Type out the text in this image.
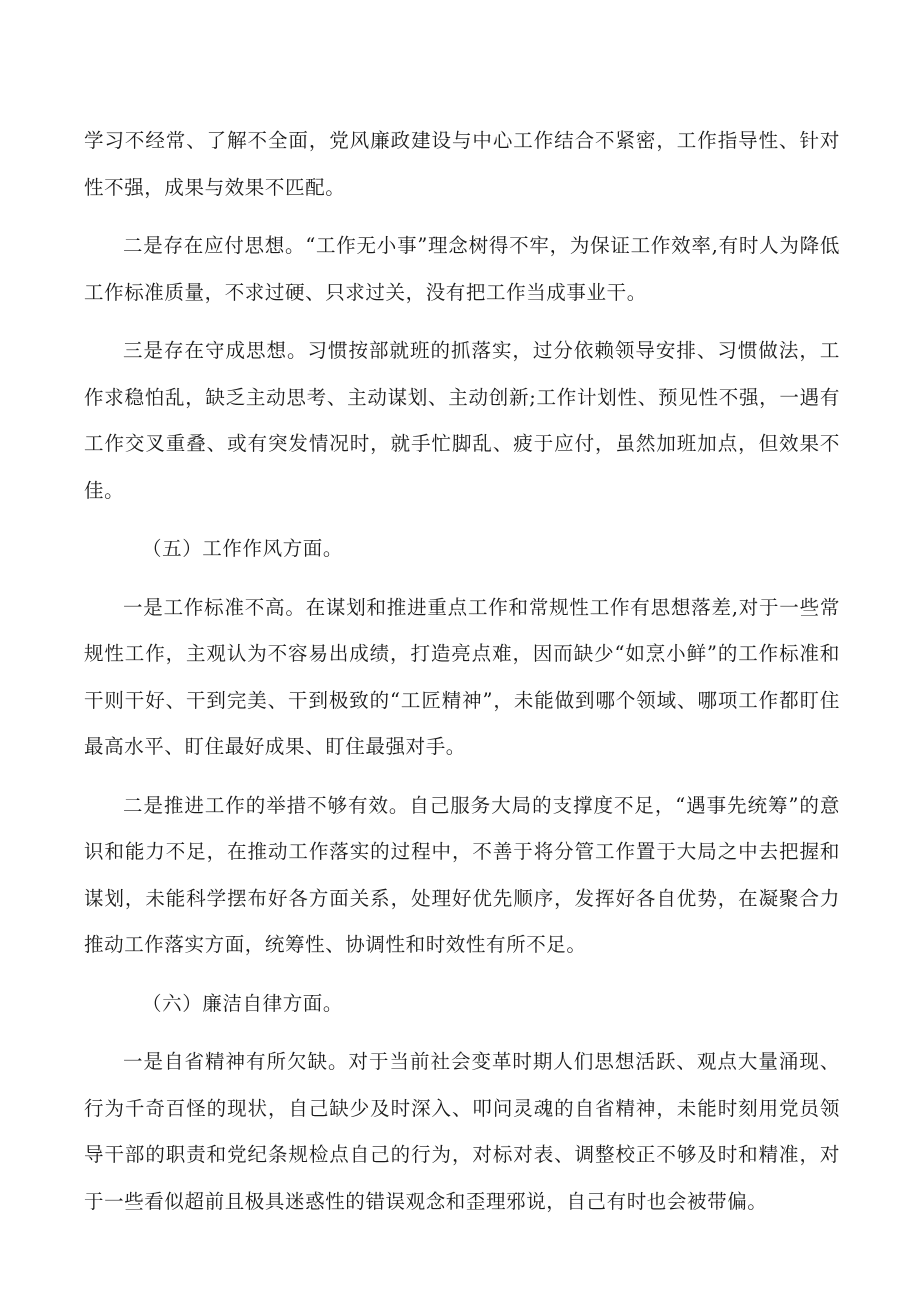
学习不经常、了解不全面，党风廉政建设与中心工作结合不紧密，工作指导性、针对性不强，成果与效果不匹配。

二是存在应付思想。“工作无小事”理念树得不牢，为保证工作效率,有时人为降低工作标准质量，不求过硬、只求过关，没有把工作当成事业干。

三是存在守成思想。习惯按部就班的抓落实，过分依赖领导安排、习惯做法，工作求稳怕乱，缺乏主动思考、主动谋划、主动创新;工作计划性、预见性不强，一遇有工作交叉重叠、或有突发情况时，就手忙脚乱、疲于应付，虽然加班加点，但效果不佳。

（五）工作作风方面。

一是工作标准不高。在谋划和推进重点工作和常规性工作有思想落差,对于一些常规性工作，主观认为不容易出成绩，打造亮点难，因而缺少“如烹小鲜”的工作标准和干则干好、干到完美、干到极致的“工匠精神”，未能做到哪个领域、哪项工作都盯住最高水平、盯住最好成果、盯住最强对手。

二是推进工作的举措不够有效。自己服务大局的支撑度不足，“遇事先统筹”的意识和能力不足，在推动工作落实的过程中，不善于将分管工作置于大局之中去把握和谋划，未能科学摆布好各方面关系，处理好优先顺序，发挥好各自优势，在凝聚合力推动工作落实方面，统筹性、协调性和时效性有所不足。

（六）廉洁自律方面。

一是自省精神有所欠缺。对于当前社会变革时期人们思想活跃、观点大量涌现、行为千奇百怪的现状，自己缺少及时深入、叩问灵魂的自省精神，未能时刻用党员领导干部的职责和党纪条规检点自己的行为，对标对表、调整校正不够及时和精准，对于一些看似超前且极具迷惑性的错误观念和歪理邪说，自己有时也会被带偏。
